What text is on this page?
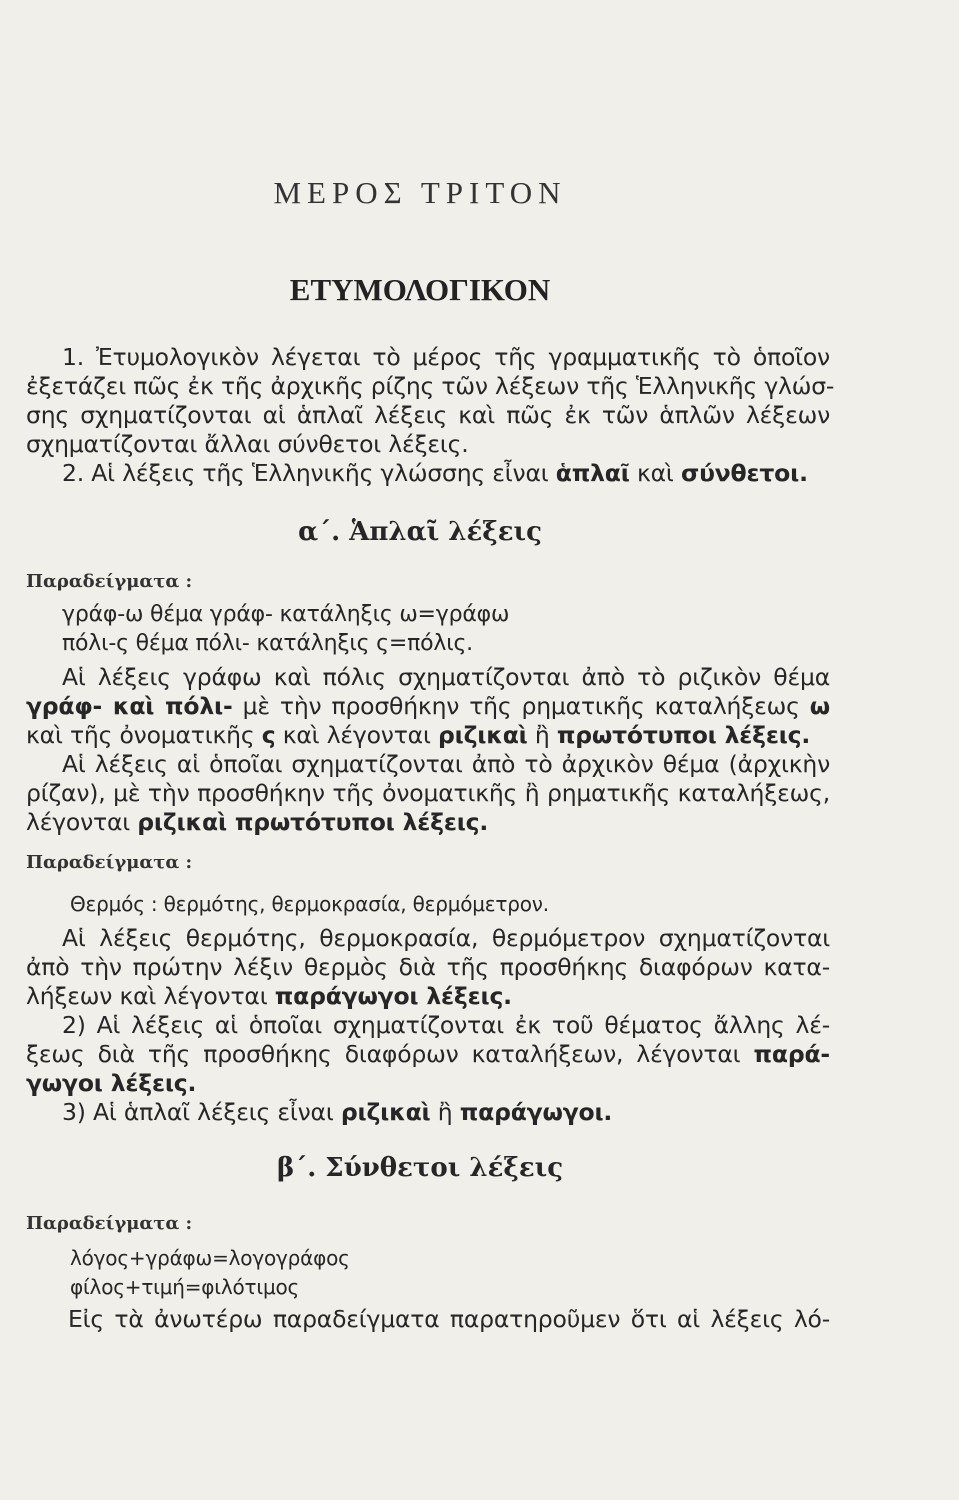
ΜΕΡΟΣ ΤΡΙΤΟΝ
ΕΤΥΜΟΛΟΓΙΚΟΝ
1. Ἐτυμολογικὸν λέγεται τὸ μέρος τῆς γραμματικῆς τὸ ὁποῖον
ἐξετάζει πῶς ἐκ τῆς ἀρχικῆς ρίζης τῶν λέξεων τῆς Ἑλληνικῆς γλώσ-
σης σχηματίζονται αἱ ἁπλαῖ λέξεις καὶ πῶς ἐκ τῶν ἁπλῶν λέξεων
σχηματίζονται ἄλλαι σύνθετοι λέξεις.
2. Αἱ λέξεις τῆς Ἑλληνικῆς γλώσσης εἶναι ἁπλαῖ καὶ σύνθετοι.
α΄. Ἁπλαῖ λέξεις
Παραδείγματα :
γράφ-ω θέμα γράφ- κατάληξις ω=γράφω
πόλι-ς θέμα πόλι- κατάληξις ς=πόλις.
Αἱ λέξεις γράφω καὶ πόλις σχηματίζονται ἀπὸ τὸ ριζικὸν θέμα
γράφ- καὶ πόλι- μὲ τὴν προσθήκην τῆς ρηματικῆς καταλήξεως ω
καὶ τῆς ὀνοματικῆς ς καὶ λέγονται ριζικαὶ ἢ πρωτότυποι λέξεις.
Αἱ λέξεις αἱ ὁποῖαι σχηματίζονται ἀπὸ τὸ ἀρχικὸν θέμα (ἀρχικὴν
ρίζαν), μὲ τὴν προσθήκην τῆς ὀνοματικῆς ἢ ρηματικῆς καταλήξεως,
λέγονται ριζικαὶ πρωτότυποι λέξεις.
Παραδείγματα :
Θερμός : θερμότης, θερμοκρασία, θερμόμετρον.
Αἱ λέξεις θερμότης, θερμοκρασία, θερμόμετρον σχηματίζονται
ἀπὸ τὴν πρώτην λέξιν θερμὸς διὰ τῆς προσθήκης διαφόρων κατα-
λήξεων καὶ λέγονται παράγωγοι λέξεις.
2) Αἱ λέξεις αἱ ὁποῖαι σχηματίζονται ἐκ τοῦ θέματος ἄλλης λέ-
ξεως διὰ τῆς προσθήκης διαφόρων καταλήξεων, λέγονται παρά-
γωγοι λέξεις.
3) Αἱ ἁπλαῖ λέξεις εἶναι ριζικαὶ ἢ παράγωγοι.
β΄. Σύνθετοι λέξεις
Παραδείγματα :
λόγος+γράφω=λογογράφος
φίλος+τιμή=φιλότιμος
Εἰς τὰ ἀνωτέρω παραδείγματα παρατηροῦμεν ὅτι αἱ λέξεις λό-
